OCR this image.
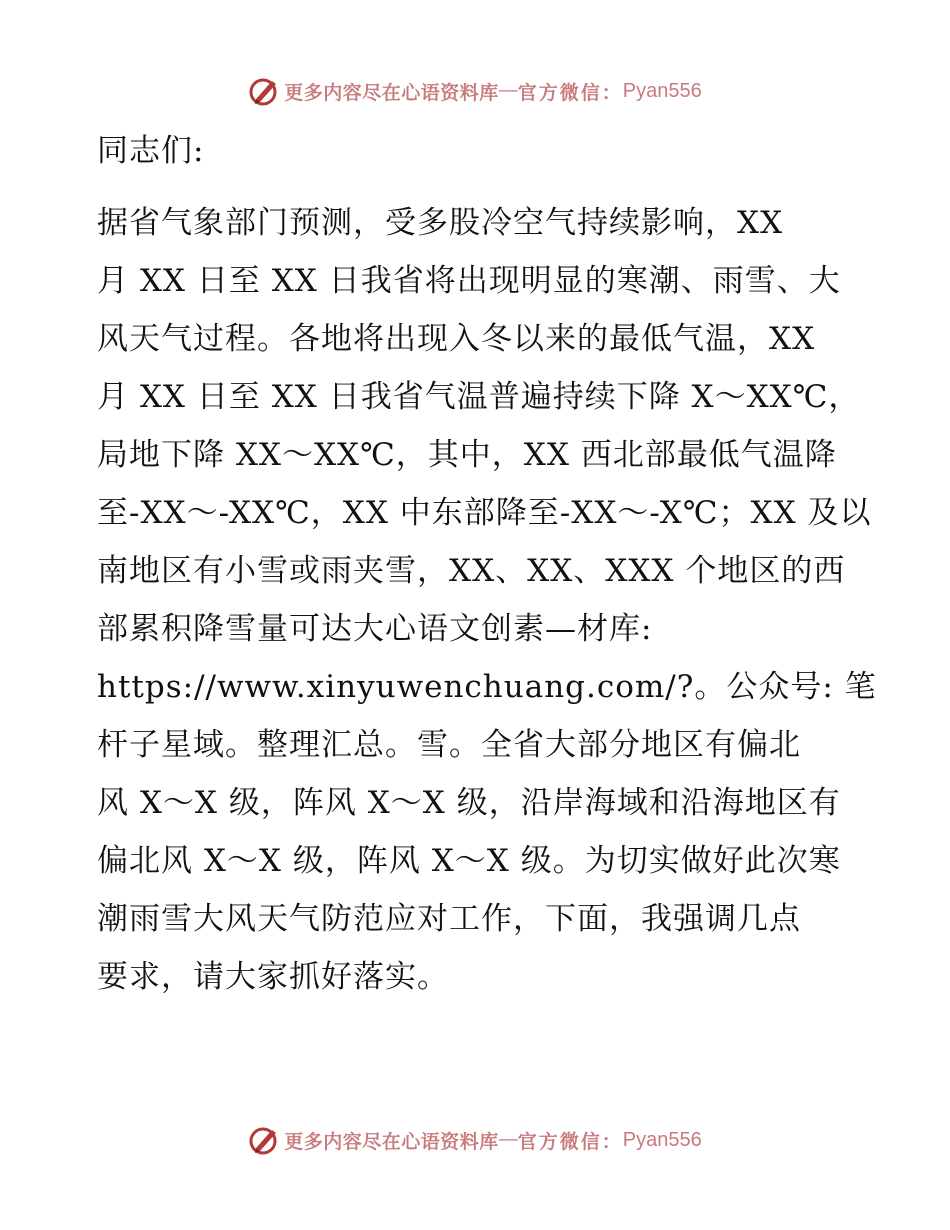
更多内容尽在心语资料库 — 官方微信： Pyan556
同志们:
据省气象部门预测，受多股冷空气持续影响，XX
月 XX 日至 XX 日我省将出现明显的寒潮、雨雪、大
风天气过程。各地将出现入冬以来的最低气温，XX
月 XX 日至 XX 日我省气温普遍持续下降 X～XX℃，
局地下降 XX～XX℃，其中，XX 西北部最低气温降
至-XX～-XX℃，XX 中东部降至-XX～-X℃；XX 及以
南地区有小雪或雨夹雪，XX、XX、XXX 个地区的西
部累积降雪量可达大心语文创素—材库:
https://www.xinyuwenchuang.com/?。公众号: 笔
杆子星域。整理汇总。雪。全省大部分地区有偏北
风 X～X 级，阵风 X～X 级，沿岸海域和沿海地区有
偏北风 X～X 级，阵风 X～X 级。为切实做好此次寒
潮雨雪大风天气防范应对工作，下面，我强调几点
要求，请大家抓好落实。
更多内容尽在心语资料库 — 官方微信： Pyan556
